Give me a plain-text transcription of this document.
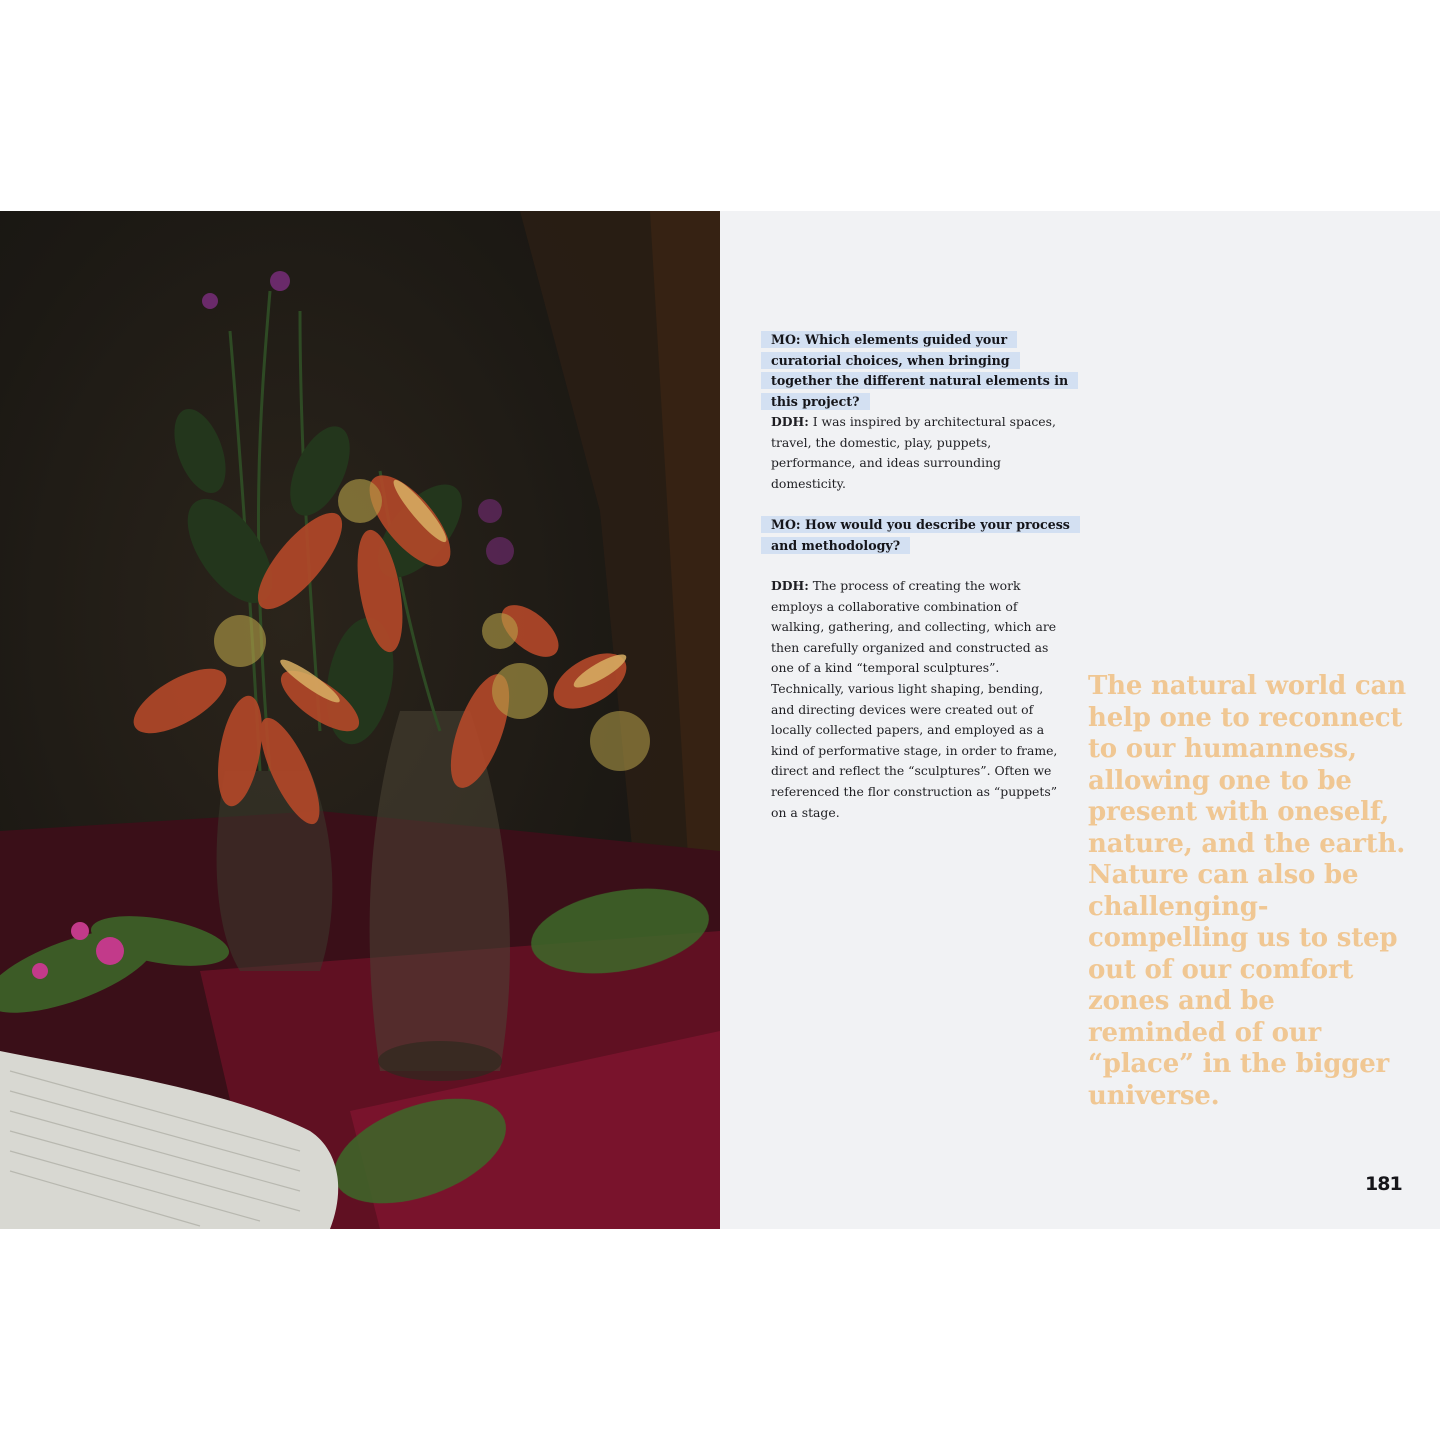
MO: Which elements guided your curatorial choices, when bringing together the different natural elements in this project?
DDH: I was inspired by architectural spaces, travel, the domestic, play, puppets, performance, and ideas surrounding domesticity.
MO: How would you describe your process and methodology?
DDH: The process of creating the work employs a collaborative combination of walking, gathering, and collecting, which are then carefully organized and constructed as one of a kind “temporal sculptures”. Technically, various light shaping, bending, and directing devices were created out of locally collected papers, and employed as a kind of performative stage, in order to frame, direct and reflect the “sculptures”. Often we referenced the flor construction as “puppets” on a stage.
The natural world can help one to reconnect to our humanness, allowing one to be present with oneself, nature, and the earth. Nature can also be challenging-compelling us to step out of our comfort zones and be reminded of our “place” in the bigger universe.
181
